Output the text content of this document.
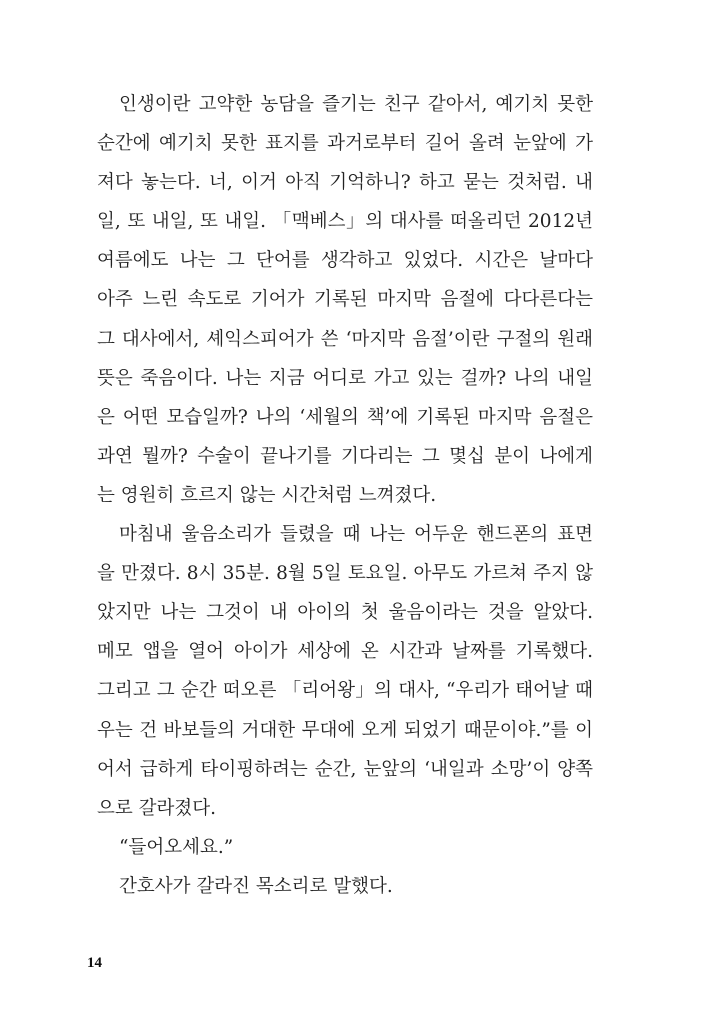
인생이란 고약한 농담을 즐기는 친구 같아서, 예기치 못한
순간에 예기치 못한 표지를 과거로부터 길어 올려 눈앞에 가
져다 놓는다. 너, 이거 아직 기억하니? 하고 묻는 것처럼. 내
일, 또 내일, 또 내일. 「맥베스」의 대사를 떠올리던 2012년
여름에도 나는 그 단어를 생각하고 있었다. 시간은 날마다
아주 느린 속도로 기어가 기록된 마지막 음절에 다다른다는
그 대사에서, 셰익스피어가 쓴 ‘마지막 음절’이란 구절의 원래
뜻은 죽음이다. 나는 지금 어디로 가고 있는 걸까? 나의 내일
은 어떤 모습일까? 나의 ‘세월의 책’에 기록된 마지막 음절은
과연 뭘까? 수술이 끝나기를 기다리는 그 몇십 분이 나에게
는 영원히 흐르지 않는 시간처럼 느껴졌다.
마침내 울음소리가 들렸을 때 나는 어두운 핸드폰의 표면
을 만졌다. 8시 35분. 8월 5일 토요일. 아무도 가르쳐 주지 않
았지만 나는 그것이 내 아이의 첫 울음이라는 것을 알았다.
메모 앱을 열어 아이가 세상에 온 시간과 날짜를 기록했다.
그리고 그 순간 떠오른 「리어왕」의 대사, “우리가 태어날 때
우는 건 바보들의 거대한 무대에 오게 되었기 때문이야.”를 이
어서 급하게 타이핑하려는 순간, 눈앞의 ‘내일과 소망’이 양쪽
으로 갈라졌다.
“들어오세요.”
간호사가 갈라진 목소리로 말했다.
14
